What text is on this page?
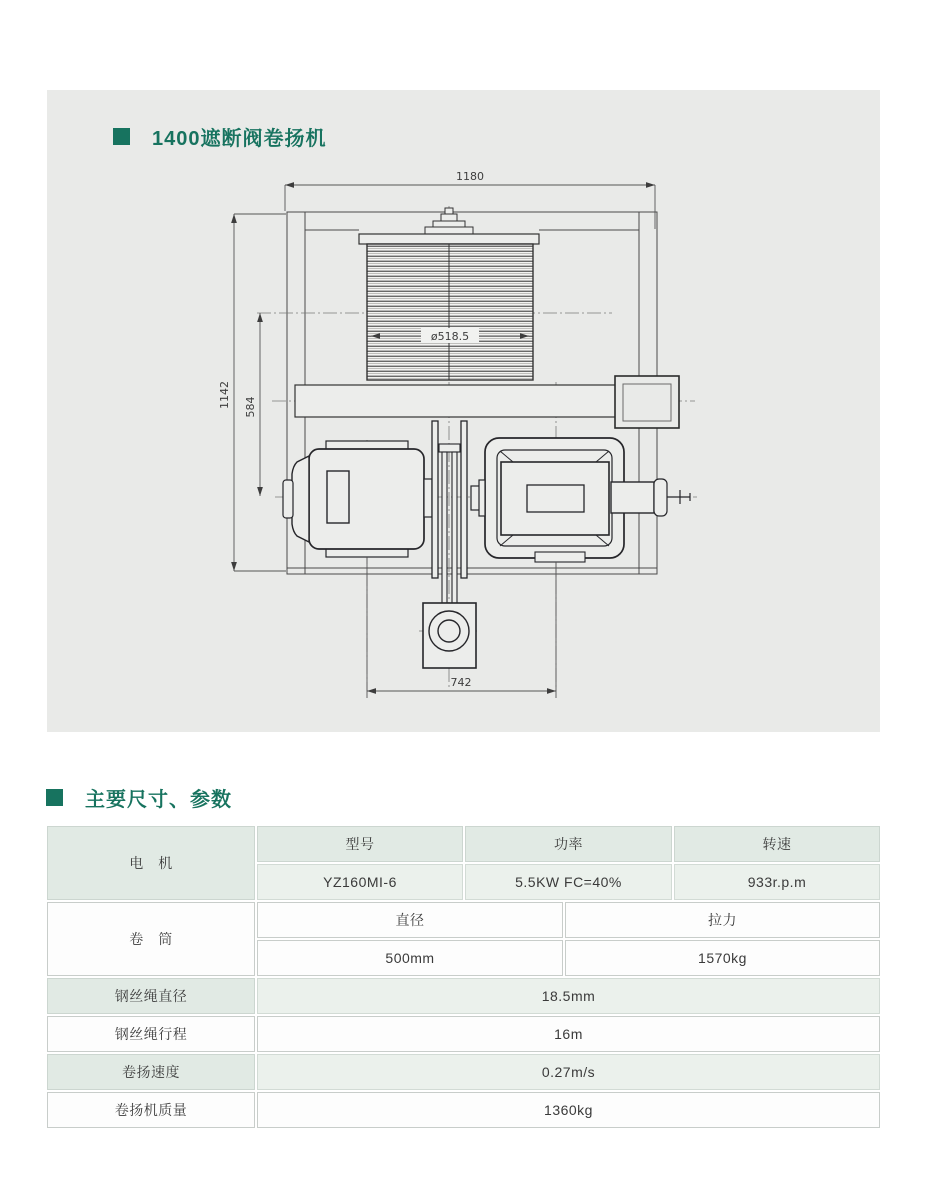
1400遮断阀卷扬机
1180
1142 584
ø518.5
742
主要尺寸、参数
电　机
型号	功率	转速
YZ160MI-6	5.5KW FC=40%	933r.p.m
卷　筒
直径	拉力
500mm	1570kg
钢丝绳直径	18.5mm
钢丝绳行程	16m
卷扬速度	0.27m/s
卷扬机质量	1360kg
